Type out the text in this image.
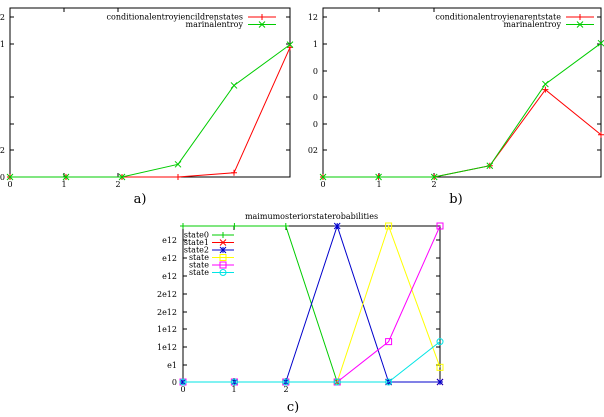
0
2
1
2
0	1	2
conditionalentroyiencildrenstates
marinalentroy
a)
02
0
0
0
1
12
0	1	2
conditionalentroyienarentstate
marinalentroy
b)
0
e1
1e12
1e12
2e12
2e12
e12
e12
e12
0	1	2
state0
state1
state2
state
state
state
maimumosteriorstaterobabilities
c)
